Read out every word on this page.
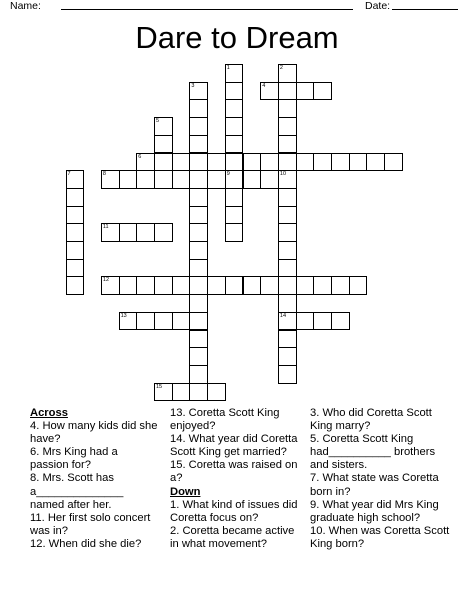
Name:	Date:
Dare to Dream
1	2
10
3	4
5
6
7	8	9
11
12
14
13
15

Across

4. How many kids did she have?

6. Mrs King had a passion for?

8. Mrs. Scott has a______________ named after her.

11. Her first solo concert was in?

12. When did she die?

13. Coretta Scott King enjoyed?

14. What year did Coretta Scott King get married?

15. Coretta was raised on a?

Down

1. What kind of issues did Coretta focus on?

2. Coretta became active in what movement?

3. Who did Coretta Scott King marry?

5. Coretta Scott King had__________ brothers and sisters.

7. What state was Coretta born in?

9. What year did Mrs King graduate high school?

10. When was Coretta Scott King born?
